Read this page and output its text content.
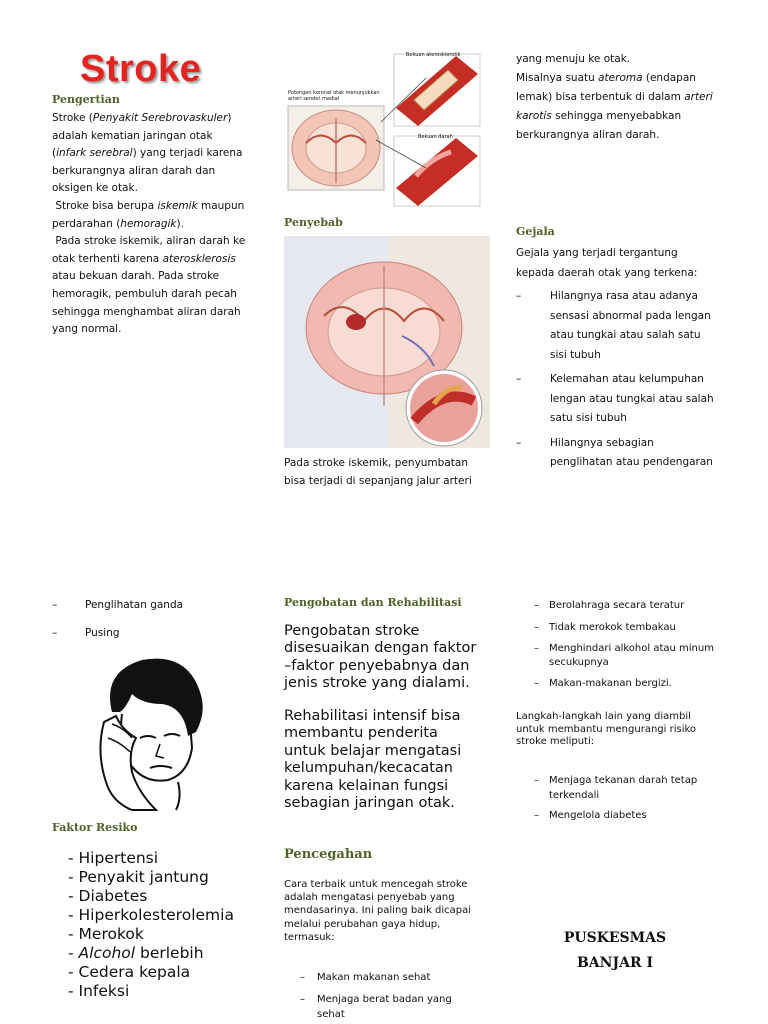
Stroke
Pengertian
Stroke (Penyakit Serebrovaskuler) adalah kematian jaringan otak (infark serebral) yang terjadi karena berkurangnya aliran darah dan oksigen ke otak.
Stroke bisa berupa iskemik maupun perdarahan (hemoragik).
Pada stroke iskemik, aliran darah ke otak terhenti karena aterosklerosis atau bekuan darah. Pada stroke hemoragik, pembuluh darah pecah sehingga menghambat aliran darah yang normal.
Potongan koronal otak menunjukkan arteri serebri medial
Bekuan aterosklerotik
Bekuan darah
Penyebab
Pada stroke iskemik, penyumbatan bisa terjadi di sepanjang jalur arteri
yang menuju ke otak.
Misalnya suatu ateroma (endapan lemak) bisa terbentuk di dalam arteri karotis sehingga menyebabkan berkurangnya aliran darah.
Gejala
Gejala yang terjadi tergantung kepada daerah otak yang terkena:
–	Hilangnya rasa atau adanya sensasi abnormal pada lengan atau tungkai atau salah satu sisi tubuh
–	Kelemahan atau kelumpuhan lengan atau tungkai atau salah satu sisi tubuh
–	Hilangnya sebagian penglihatan atau pendengaran
–	Penglihatan ganda
–	Pusing
Faktor Resiko
- Hipertensi
- Penyakit jantung
- Diabetes
- Hiperkolesterolemia
- Merokok
- Alcohol berlebih
- Cedera kepala
- Infeksi
Pengobatan dan Rehabilitasi
Pengobatan stroke disesuaikan dengan faktor –faktor penyebabnya dan jenis stroke yang dialami.
Rehabilitasi intensif bisa membantu penderita untuk belajar mengatasi kelumpuhan/kecacatan karena kelainan fungsi sebagian jaringan otak.
Pencegahan
Cara terbaik untuk mencegah stroke adalah mengatasi penyebab yang mendasarinya. Ini paling baik dicapai melalui perubahan gaya hidup, termasuk:
– Makan makanan sehat
– Menjaga berat badan yang sehat
– Berolahraga secara teratur
– Tidak merokok tembakau
– Menghindari alkohol atau minum secukupnya
– Makan-makanan bergizi.
Langkah-langkah lain yang diambil untuk membantu mengurangi risiko stroke meliputi:
– Menjaga tekanan darah tetap terkendali
– Mengelola diabetes
PUSKESMAS
BANJAR I
